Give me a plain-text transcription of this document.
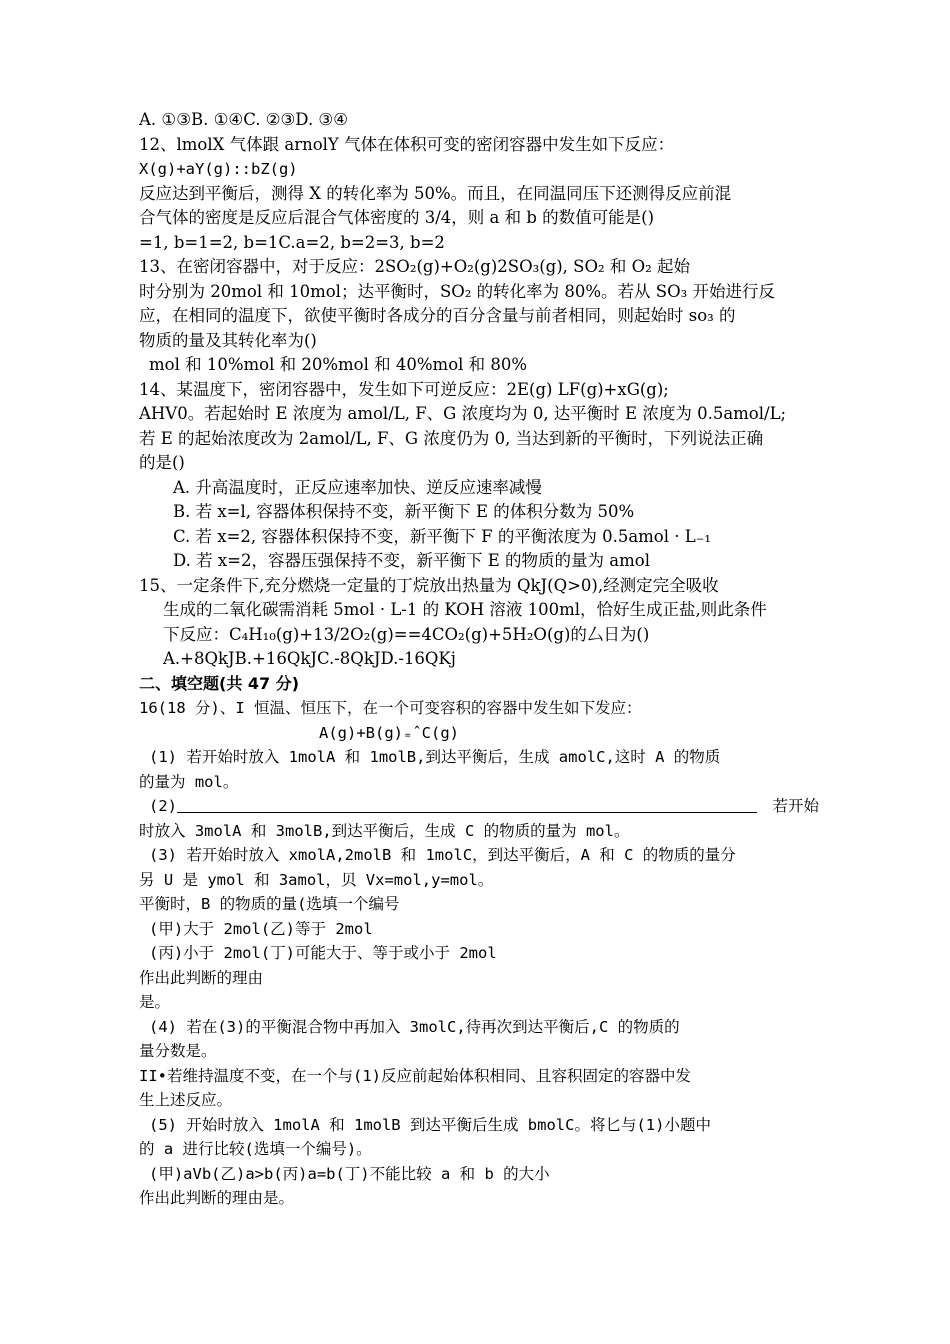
A. ①③B. ①④C. ②③D. ③④
12、lmolX 气体跟 arnolY 气体在体积可变的密闭容器中发生如下反应：
X(g)+aY(g)::bZ(g)
反应达到平衡后，测得 X 的转化率为 50%。而且，在同温同压下还测得反应前混
合气体的密度是反应后混合气体密度的 3/4，则 a 和 b 的数值可能是()
=1, b=1=2, b=1C.a=2, b=2=3, b=2
13、在密闭容器中，对于反应：2SO₂(g)+O₂(g)2SO₃(g), SO₂ 和 O₂ 起始
时分别为 20mol 和 10mol；达平衡时，SO₂ 的转化率为 80%。若从 SO₃ 开始进行反
应，在相同的温度下，欲使平衡时各成分的百分含量与前者相同，则起始时 so₃ 的
物质的量及其转化率为()
mol 和 10%mol 和 20%mol 和 40%mol 和 80%
14、某温度下，密闭容器中，发生如下可逆反应：2E(g) LF(g)+xG(g);
AHV0。若起始时 E 浓度为 amol/L, F、G 浓度均为 0, 达平衡时 E 浓度为 0.5amol/L;
若 E 的起始浓度改为 2amol/L, F、G 浓度仍为 0, 当达到新的平衡时，下列说法正确
的是()
A. 升高温度时，正反应速率加快、逆反应速率减慢
B. 若 x=l, 容器体积保持不变，新平衡下 E 的体积分数为 50%
C. 若 x=2, 容器体积保持不变，新平衡下 F 的平衡浓度为 0.5amol · L₋₁
D. 若 x=2，容器压强保持不变，新平衡下 E 的物质的量为 amol
15、一定条件下,充分燃烧一定量的丁烷放出热量为 QkJ(Q>0),经测定完全吸收
生成的二氧化碳需消耗 5mol · L-1 的 KOH 溶液 100ml，恰好生成正盐,则此条件
下反应：C₄H₁₀(g)+13/2O₂(g)==4CO₂(g)+5H₂O(g)的厶日为()
A.+8QkJB.+16QkJC.-8QkJD.-16QKj
二、填空题(共 47 分)
16(18 分)、I 恒温、恒压下，在一个可变容积的容器中发生如下发应：
A(g)+B(g)₌ˆC(g)
(1) 若开始时放入 1molA 和 1molB,到达平衡后，生成 amolC,这时 A 的物质
的量为 mol。
(2)	若开始
时放入 3molA 和 3molB,到达平衡后，生成 C 的物质的量为 mol。
(3) 若开始时放入 xmolA,2molB 和 1molC，到达平衡后，A 和 C 的物质的量分
另 U 是 ymol 和 3amol，贝 Vx=mol,y=mol。
平衡时，B 的物质的量(选填一个编号
(甲)大于 2mol(乙)等于 2mol
(丙)小于 2mol(丁)可能大于、等于或小于 2mol
作出此判断的理由
是。
(4) 若在(3)的平衡混合物中再加入 3molC,待再次到达平衡后,C 的物质的
量分数是。
II•若维持温度不变，在一个与(1)反应前起始体积相同、且容积固定的容器中发
生上述反应。
(5) 开始时放入 1molA 和 1molB 到达平衡后生成 bmolC。将匕与(1)小题中
的 a 进行比较(选填一个编号)。
(甲)aVb(乙)a>b(丙)a=b(丁)不能比较 a 和 b 的大小
作出此判断的理由是。
